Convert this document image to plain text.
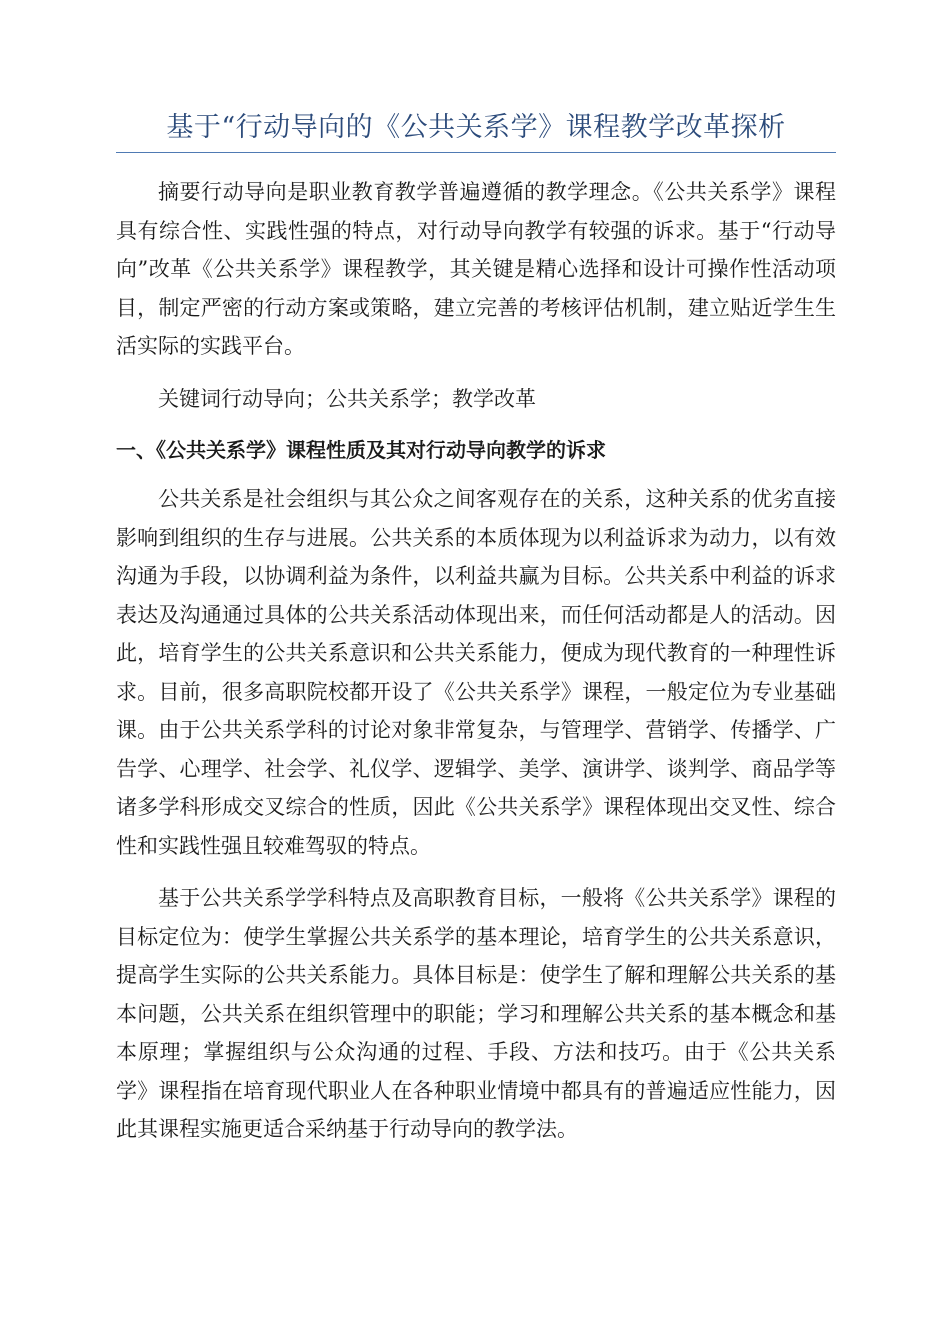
基于“行动导向的《公共关系学》课程教学改革探析

摘要行动导向是职业教育教学普遍遵循的教学理念。《公共关系学》课程具有综合性、实践性强的特点，对行动导向教学有较强的诉求。基于“行动导向”改革《公共关系学》课程教学，其关键是精心选择和设计可操作性活动项目，制定严密的行动方案或策略，建立完善的考核评估机制，建立贴近学生生活实际的实践平台。

关键词行动导向；公共关系学；教学改革

一、《公共关系学》课程性质及其对行动导向教学的诉求

公共关系是社会组织与其公众之间客观存在的关系，这种关系的优劣直接影响到组织的生存与进展。公共关系的本质体现为以利益诉求为动力，以有效沟通为手段，以协调利益为条件，以利益共赢为目标。公共关系中利益的诉求表达及沟通通过具体的公共关系活动体现出来，而任何活动都是人的活动。因此，培育学生的公共关系意识和公共关系能力，便成为现代教育的一种理性诉求。目前，很多高职院校都开设了《公共关系学》课程，一般定位为专业基础课。由于公共关系学科的讨论对象非常复杂，与管理学、营销学、传播学、广告学、心理学、社会学、礼仪学、逻辑学、美学、演讲学、谈判学、商品学等诸多学科形成交叉综合的性质，因此《公共关系学》课程体现出交叉性、综合性和实践性强且较难驾驭的特点。

基于公共关系学学科特点及高职教育目标，一般将《公共关系学》课程的目标定位为：使学生掌握公共关系学的基本理论，培育学生的公共关系意识，提高学生实际的公共关系能力。具体目标是：使学生了解和理解公共关系的基本问题，公共关系在组织管理中的职能；学习和理解公共关系的基本概念和基本原理；掌握组织与公众沟通的过程、手段、方法和技巧。由于《公共关系学》课程指在培育现代职业人在各种职业情境中都具有的普遍适应性能力，因此其课程实施更适合采纳基于行动导向的教学法。
